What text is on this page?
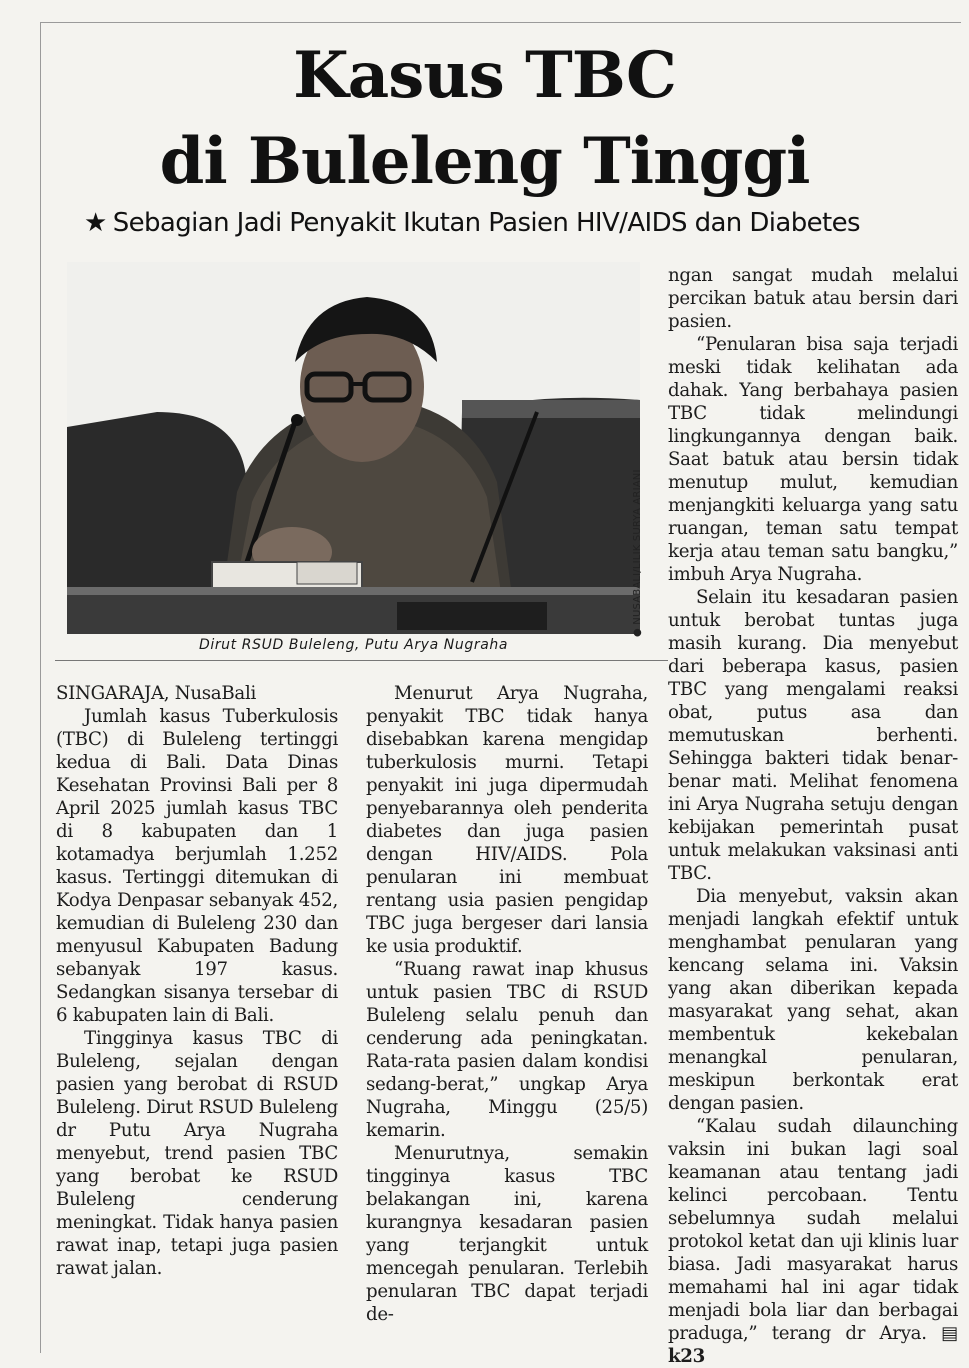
Kasus TBC
di Buleleng Tinggi
★ Sebagian Jadi Penyakit Ikutan Pasien HIV/AIDS dan Diabetes
● NUSABALI/LILIK SURYA ARIANI
Dirut RSUD Buleleng, Putu Arya Nugraha

SINGARAJA, NusaBali

Jumlah kasus Tuberkulosis (TBC) di Buleleng tertinggi kedua di Bali. Data Dinas Kesehatan Provinsi Bali per 8 April 2025 jumlah kasus TBC di 8 kabupaten dan 1 kotamadya berjumlah 1.252 kasus. Tertinggi ditemukan di Kodya Denpasar sebanyak 452, kemudian di Buleleng 230 dan menyusul Kabupaten Badung sebanyak 197 kasus. Sedangkan sisanya tersebar di 6 kabupaten lain di Bali.

Tingginya kasus TBC di Buleleng, sejalan dengan pasien yang berobat di RSUD Buleleng. Dirut RSUD Buleleng dr Putu Arya Nugraha menyebut, trend pasien TBC yang berobat ke RSUD Buleleng cenderung meningkat. Tidak hanya pasien rawat inap, tetapi juga pasien rawat jalan.

Menurut Arya Nugraha, penyakit TBC tidak hanya disebabkan karena mengidap tuberkulosis murni. Tetapi penyakit ini juga dipermudah penyebarannya oleh penderita diabetes dan juga pasien dengan HIV/AIDS. Pola penularan ini membuat rentang usia pasien pengidap TBC juga bergeser dari lansia ke usia produktif.

“Ruang rawat inap khusus untuk pasien TBC di RSUD Buleleng selalu penuh dan cenderung ada peningkatan. Rata-rata pasien dalam kondisi sedang-berat,” ungkap Arya Nugraha, Minggu (25/5) kemarin.

Menurutnya, semakin tingginya kasus TBC belakangan ini, karena kurangnya kesadaran pasien yang terjangkit untuk mencegah penularan. Terlebih penularan TBC dapat terjadi de-

ngan sangat mudah melalui percikan batuk atau bersin dari pasien.

“Penularan bisa saja terjadi meski tidak kelihatan ada dahak. Yang berbahaya pasien TBC tidak melindungi lingkungannya dengan baik. Saat batuk atau bersin tidak menutup mulut, kemudian menjangkiti keluarga yang satu ruangan, teman satu tempat kerja atau teman satu bangku,” imbuh Arya Nugraha.

Selain itu kesadaran pasien untuk berobat tuntas juga masih kurang. Dia menyebut dari beberapa kasus, pasien TBC yang mengalami reaksi obat, putus asa dan memutuskan berhenti. Sehingga bakteri tidak benar-benar mati. Melihat fenomena ini Arya Nugraha setuju dengan kebijakan pemerintah pusat untuk melakukan vaksinasi anti TBC.

Dia menyebut, vaksin akan menjadi langkah efektif untuk menghambat penularan yang kencang selama ini. Vaksin yang akan diberikan kepada masyarakat yang sehat, akan membentuk kekebalan menangkal penularan, meskipun berkontak erat dengan pasien.

“Kalau sudah dilaunching vaksin ini bukan lagi soal keamanan atau tentang jadi kelinci percobaan. Tentu sebelumnya sudah melalui protokol ketat dan uji klinis luar biasa. Jadi masyarakat harus memahami hal ini agar tidak menjadi bola liar dan berbagai praduga,” terang dr Arya. ▤ k23
